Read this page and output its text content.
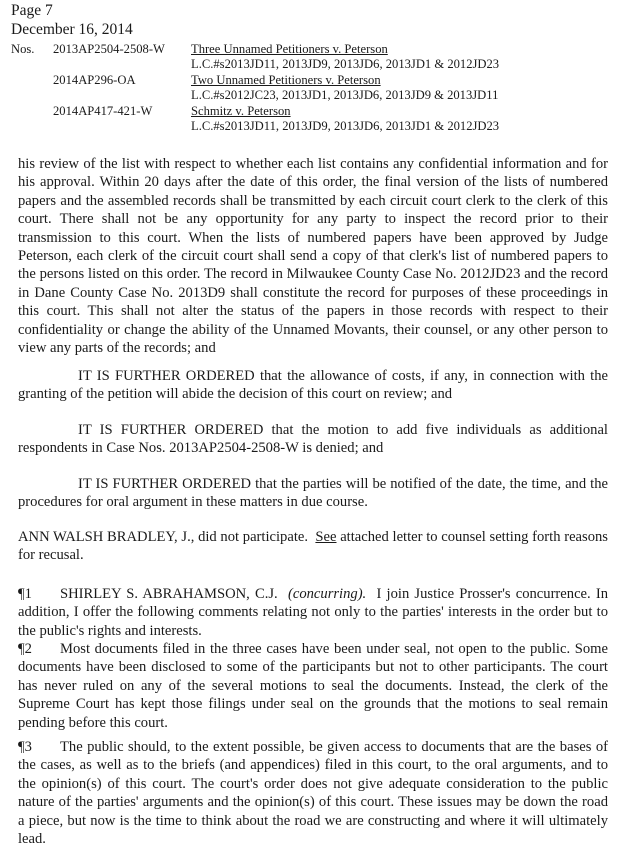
Page 7
December 16, 2014
Nos. 2013AP2504-2508-W Three Unnamed Petitioners v. Peterson
L.C.#s2013JD11, 2013JD9, 2013JD6, 2013JD1 & 2012JD23
2014AP296-OA	Two Unnamed Petitioners v. Peterson
L.C.#s2012JC23, 2013JD1, 2013JD6, 2013JD9 & 2013JD11
2014AP417-421-W	Schmitz v. Peterson
L.C.#s2013JD11, 2013JD9, 2013JD6, 2013JD1 & 2012JD23

his review of the list with respect to whether each list contains any confidential information and for his approval. Within 20 days after the date of this order, the final version of the lists of numbered papers and the assembled records shall be transmitted by each circuit court clerk to the clerk of this court. There shall not be any opportunity for any party to inspect the record prior to their transmission to this court. When the lists of numbered papers have been approved by Judge Peterson, each clerk of the circuit court shall send a copy of that clerk's list of numbered papers to the persons listed on this order. The record in Milwaukee County Case No. 2012JD23 and the record in Dane County Case No. 2013D9 shall constitute the record for purposes of these proceedings in this court. This shall not alter the status of the papers in those records with respect to their confidentiality or change the ability of the Unnamed Movants, their counsel, or any other person to view any parts of the records; and

IT IS FURTHER ORDERED that the allowance of costs, if any, in connection with the granting of the petition will abide the decision of this court on review; and

IT IS FURTHER ORDERED that the motion to add five individuals as additional respondents in Case Nos. 2013AP2504-2508-W is denied; and

IT IS FURTHER ORDERED that the parties will be notified of the date, the time, and the procedures for oral argument in these matters in due course.

ANN WALSH BRADLEY, J., did not participate.  See attached letter to counsel setting forth reasons for recusal.

¶1 SHIRLEY S. ABRAHAMSON, C.J.  (concurring).  I join Justice Prosser's concurrence. In addition, I offer the following comments relating not only to the parties' interests in the order but to the public's rights and interests.

¶2 Most documents filed in the three cases have been under seal, not open to the public. Some documents have been disclosed to some of the participants but not to other participants. The court has never ruled on any of the several motions to seal the documents. Instead, the clerk of the Supreme Court has kept those filings under seal on the grounds that the motions to seal remain pending before this court.

¶3 The public should, to the extent possible, be given access to documents that are the bases of the cases, as well as to the briefs (and appendices) filed in this court, to the oral arguments, and to the opinion(s) of this court. The court's order does not give adequate consideration to the public nature of the parties' arguments and the opinion(s) of this court. These issues may be down the road a piece, but now is the time to think about the road we are constructing and where it will ultimately lead.
